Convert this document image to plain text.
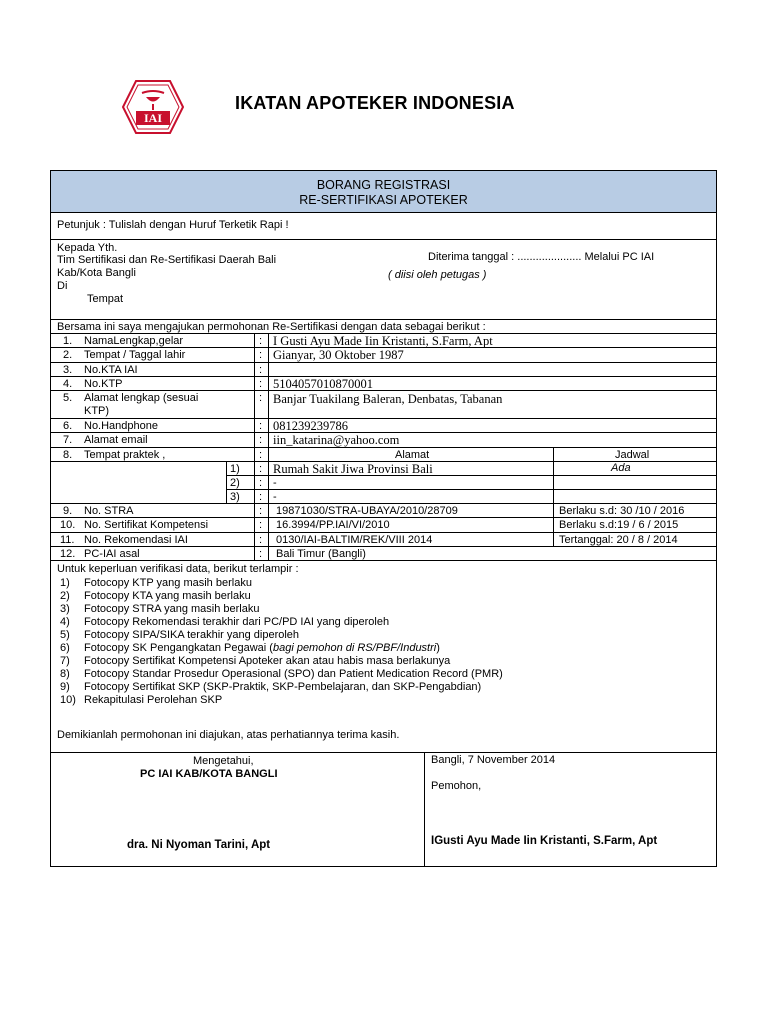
IAI
IKATAN APOTEKER INDONESIA
BORANG REGISTRASI
RE-SERTIFIKASI APOTEKER
Petunjuk : Tulislah dengan Huruf Terketik Rapi !
Kepada Yth.
Tim Sertifikasi dan Re-Sertifikasi Daerah Bali
Kab/Kota Bangli
Di
Tempat
Diterima tanggal : ..................... Melalui PC IAI
( diisi oleh petugas )
Bersama ini saya mengajukan permohonan Re-Sertifikasi dengan data sebagai berikut :
1. NamaLengkap,gelar	: I Gusti Ayu Made Iin Kristanti, S.Farm, Apt
2. Tempat / Taggal lahir	: Gianyar, 30 Oktober 1987
3. No.KTA IAI	:
4. No.KTP	: 5104057010870001
5. Alamat lengkap (sesuai
KTP)
: Banjar Tuakilang Baleran, Denbatas, Tabanan
6. No.Handphone	: 081239239786
7. Alamat email	: iin_katarina@yahoo.com
8. Tempat praktek ,	:	Alamat	Jadwal
1) : Rumah Sakit Jiwa Provinsi Bali	Ada
2) : -
3) : -
9. No. STRA	: 19871030/STRA-UBAYA/2010/28709	Berlaku s.d: 30 /10 / 2016
10. No. Sertifikat Kompetensi	: 16.3994/PP.IAI/VI/2010	Berlaku s.d:19 / 6 / 2015
11. No. Rekomendasi IAI	: 0130/IAI-BALTIM/REK/VIII 2014	Tertanggal: 20 / 8 / 2014
12. PC-IAI asal	: Bali Timur (Bangli)
Untuk keperluan verifikasi data, berikut terlampir :
1) Fotocopy KTP yang masih berlaku
2) Fotocopy KTA yang masih berlaku
3) Fotocopy STRA yang masih berlaku
4) Fotocopy Rekomendasi terakhir dari PC/PD IAI yang diperoleh
5) Fotocopy SIPA/SIKA terakhir yang diperoleh
6) Fotocopy SK Pengangkatan Pegawai (bagi pemohon di RS/PBF/Industri)
7) Fotocopy Sertifikat Kompetensi Apoteker akan atau habis masa berlakunya
8) Fotocopy Standar Prosedur Operasional (SPO) dan Patient Medication Record (PMR)
9) Fotocopy Sertifikat SKP (SKP-Praktik, SKP-Pembelajaran, dan SKP-Pengabdian)
10) Rekapitulasi Perolehan SKP
Demikianlah permohonan ini diajukan, atas perhatiannya terima kasih.
Mengetahui,
PC IAI KAB/KOTA BANGLI
dra. Ni Nyoman Tarini, Apt
Bangli, 7 November 2014
Pemohon,
IGusti Ayu Made Iin Kristanti, S.Farm, Apt
